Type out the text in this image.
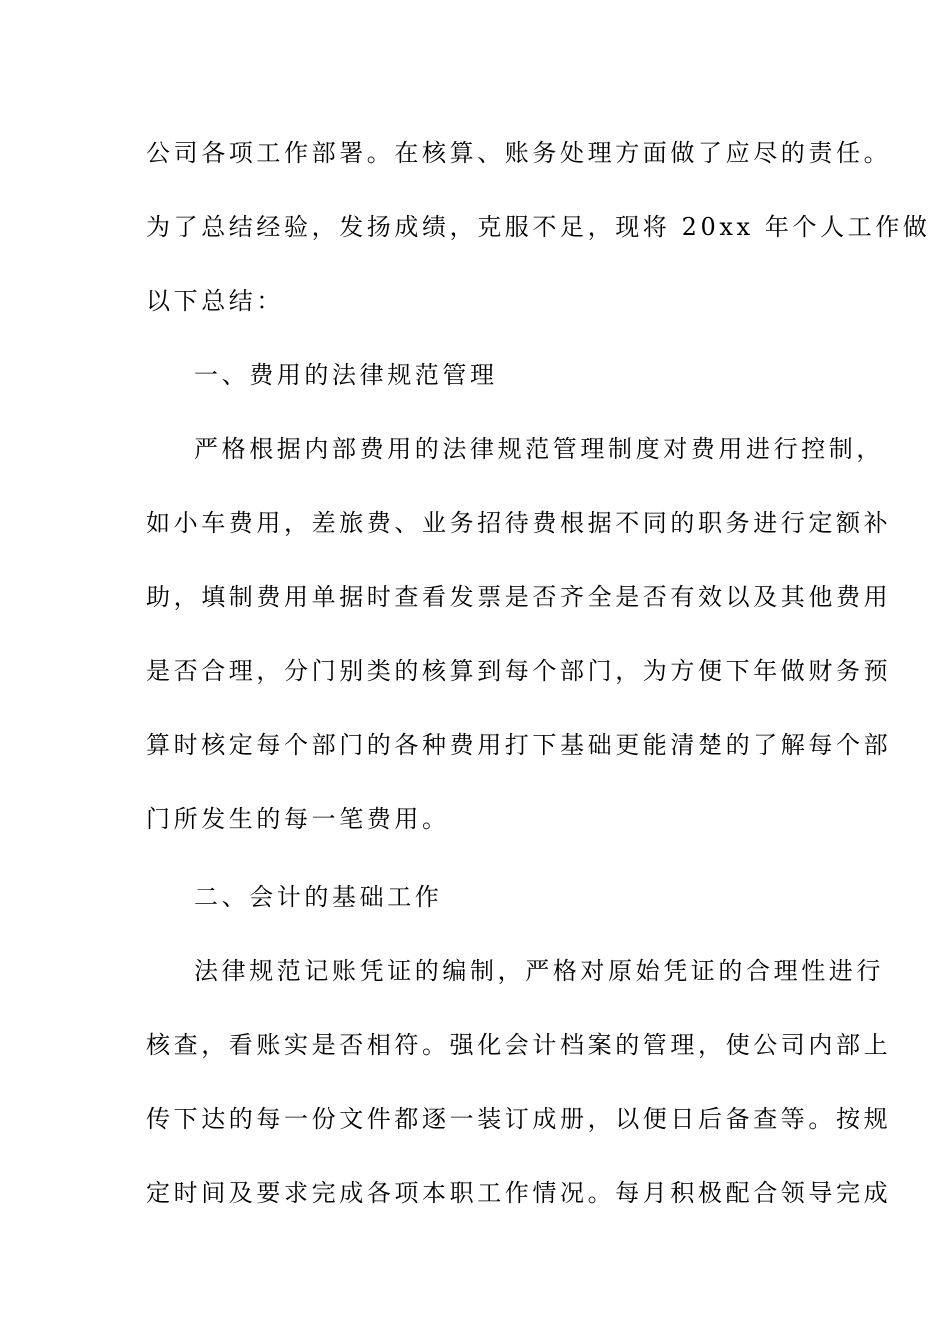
公司各项工作部署。在核算、账务处理方面做了应尽的责任。
为了总结经验，发扬成绩，克服不足，现将 20xx 年个人工作做
以下总结：
一、费用的法律规范管理
严格根据内部费用的法律规范管理制度对费用进行控制，
如小车费用，差旅费、业务招待费根据不同的职务进行定额补
助，填制费用单据时查看发票是否齐全是否有效以及其他费用
是否合理，分门别类的核算到每个部门，为方便下年做财务预
算时核定每个部门的各种费用打下基础更能清楚的了解每个部
门所发生的每一笔费用。
二、会计的基础工作
法律规范记账凭证的编制，严格对原始凭证的合理性进行
核查，看账实是否相符。强化会计档案的管理，使公司内部上
传下达的每一份文件都逐一装订成册，以便日后备查等。按规
定时间及要求完成各项本职工作情况。每月积极配合领导完成
